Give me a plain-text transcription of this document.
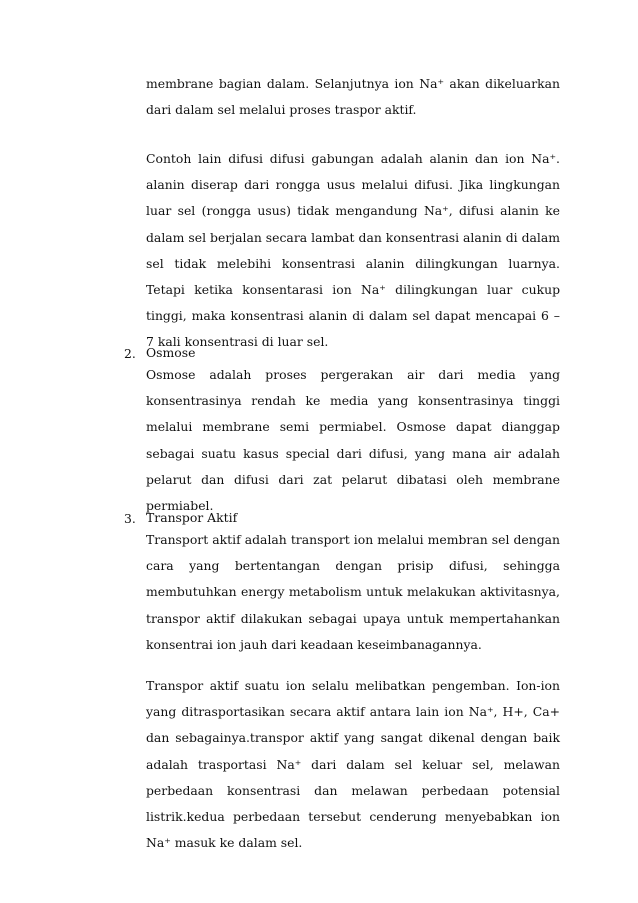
membrane bagian dalam. Selanjutnya ion Na⁺ akan dikeluarkan dari dalam sel melalui proses traspor aktif.

Contoh lain difusi difusi gabungan adalah alanin dan ion Na⁺. alanin diserap dari rongga usus melalui difusi. Jika lingkungan luar sel (rongga usus) tidak mengandung Na⁺, difusi alanin ke dalam sel berjalan secara lambat dan konsentrasi alanin di dalam sel tidak melebihi konsentrasi alanin dilingkungan luarnya. Tetapi ketika konsentarasi ion Na⁺ dilingkungan luar cukup tinggi, maka konsentrasi alanin di dalam sel dapat mencapai 6 – 7 kali konsentrasi di luar sel.

2. Osmose

Osmose adalah proses pergerakan air dari media yang konsentrasinya rendah ke media yang konsentrasinya tinggi melalui membrane semi permiabel. Osmose dapat dianggap sebagai suatu kasus special dari difusi, yang mana air adalah pelarut dan difusi dari zat pelarut dibatasi oleh membrane permiabel.

3. Transpor Aktif

Transport aktif adalah transport ion melalui membran sel dengan cara yang bertentangan dengan prisip difusi, sehingga membutuhkan energy metabolism untuk melakukan aktivitasnya, transpor aktif dilakukan sebagai upaya untuk mempertahankan konsentrai ion jauh dari keadaan keseimbanagannya.

Transpor aktif suatu ion selalu melibatkan pengemban. Ion-ion yang ditrasportasikan secara aktif antara lain ion Na⁺, H+, Ca+ dan sebagainya.transpor aktif yang sangat dikenal dengan baik adalah trasportasi Na⁺ dari dalam sel keluar sel, melawan perbedaan konsentrasi dan melawan perbedaan potensial listrik.kedua perbedaan tersebut cenderung menyebabkan ion Na⁺ masuk ke dalam sel.
